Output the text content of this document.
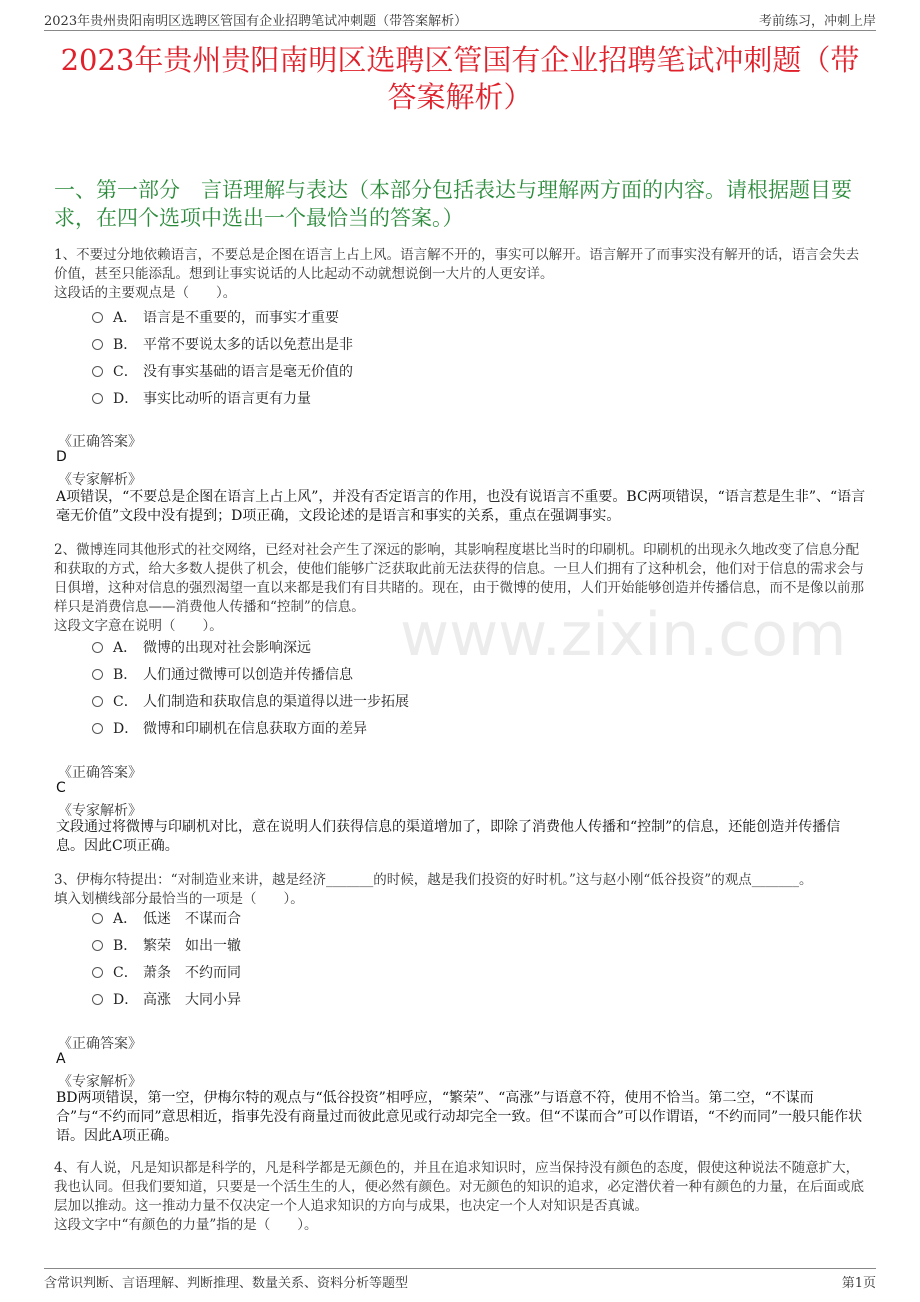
2023年贵州贵阳南明区选聘区管国有企业招聘笔试冲刺题（带答案解析）	考前练习，冲刺上岸
2023年贵州贵阳南明区选聘区管国有企业招聘笔试冲刺题（带答案解析）
一、第一部分　言语理解与表达（本部分包括表达与理解两方面的内容。请根据题目要求，在四个选项中选出一个最恰当的答案。）

1、不要过分地依赖语言，不要总是企图在语言上占上风。语言解不开的，事实可以解开。语言解开了而事实没有解开的话，语言会失去价值，甚至只能添乱。想到让事实说话的人比起动不动就想说倒一大片的人更安详。

这段话的主要观点是（　　）。

A． 语言是不重要的，而事实才重要
B． 平常不要说太多的话以免惹出是非
C． 没有事实基础的语言是毫无价值的
D． 事实比动听的语言更有力量
《正确答案》
D
《专家解析》
A项错误，“不要总是企图在语言上占上风”，并没有否定语言的作用，也没有说语言不重要。BC两项错误，“语言惹是生非”、“语言毫无价值”文段中没有提到；D项正确，文段论述的是语言和事实的关系，重点在强调事实。

2、微博连同其他形式的社交网络，已经对社会产生了深远的影响，其影响程度堪比当时的印刷机。印刷机的出现永久地改变了信息分配和获取的方式，给大多数人提供了机会，使他们能够广泛获取此前无法获得的信息。一旦人们拥有了这种机会，他们对于信息的需求会与日俱增，这种对信息的强烈渴望一直以来都是我们有目共睹的。现在，由于微博的使用，人们开始能够创造并传播信息，而不是像以前那样只是消费信息——消费他人传播和“控制”的信息。

这段文字意在说明（　　）。

A． 微博的出现对社会影响深远
B． 人们通过微博可以创造并传播信息
C． 人们制造和获取信息的渠道得以进一步拓展
D． 微博和印刷机在信息获取方面的差异
《正确答案》
C
《专家解析》
文段通过将微博与印刷机对比，意在说明人们获得信息的渠道增加了，即除了消费他人传播和“控制”的信息，还能创造并传播信息。因此C项正确。

3、伊梅尔特提出：“对制造业来讲，越是经济_______的时候，越是我们投资的好时机。”这与赵小刚“低谷投资”的观点_______。

填入划横线部分最恰当的一项是（　　）。

A． 低迷　不谋而合
B． 繁荣　如出一辙
C． 萧条　不约而同
D． 高涨　大同小异
《正确答案》
A
《专家解析》
BD两项错误，第一空，伊梅尔特的观点与“低谷投资”相呼应，“繁荣”、“高涨”与语意不符，使用不恰当。第二空，“不谋而合”与“不约而同”意思相近，指事先没有商量过而彼此意见或行动却完全一致。但“不谋而合”可以作谓语，“不约而同”一般只能作状语。因此A项正确。

4、有人说，凡是知识都是科学的，凡是科学都是无颜色的，并且在追求知识时，应当保持没有颜色的态度，假使这种说法不随意扩大，我也认同。但我们要知道，只要是一个活生生的人，便必然有颜色。对无颜色的知识的追求，必定潜伏着一种有颜色的力量，在后面或底层加以推动。这一推动力量不仅决定一个人追求知识的方向与成果，也决定一个人对知识是否真诚。

这段文字中“有颜色的力量”指的是（　　）。

www.zixin.com
含常识判断、言语理解、判断推理、数量关系、资料分析等题型	第1页
